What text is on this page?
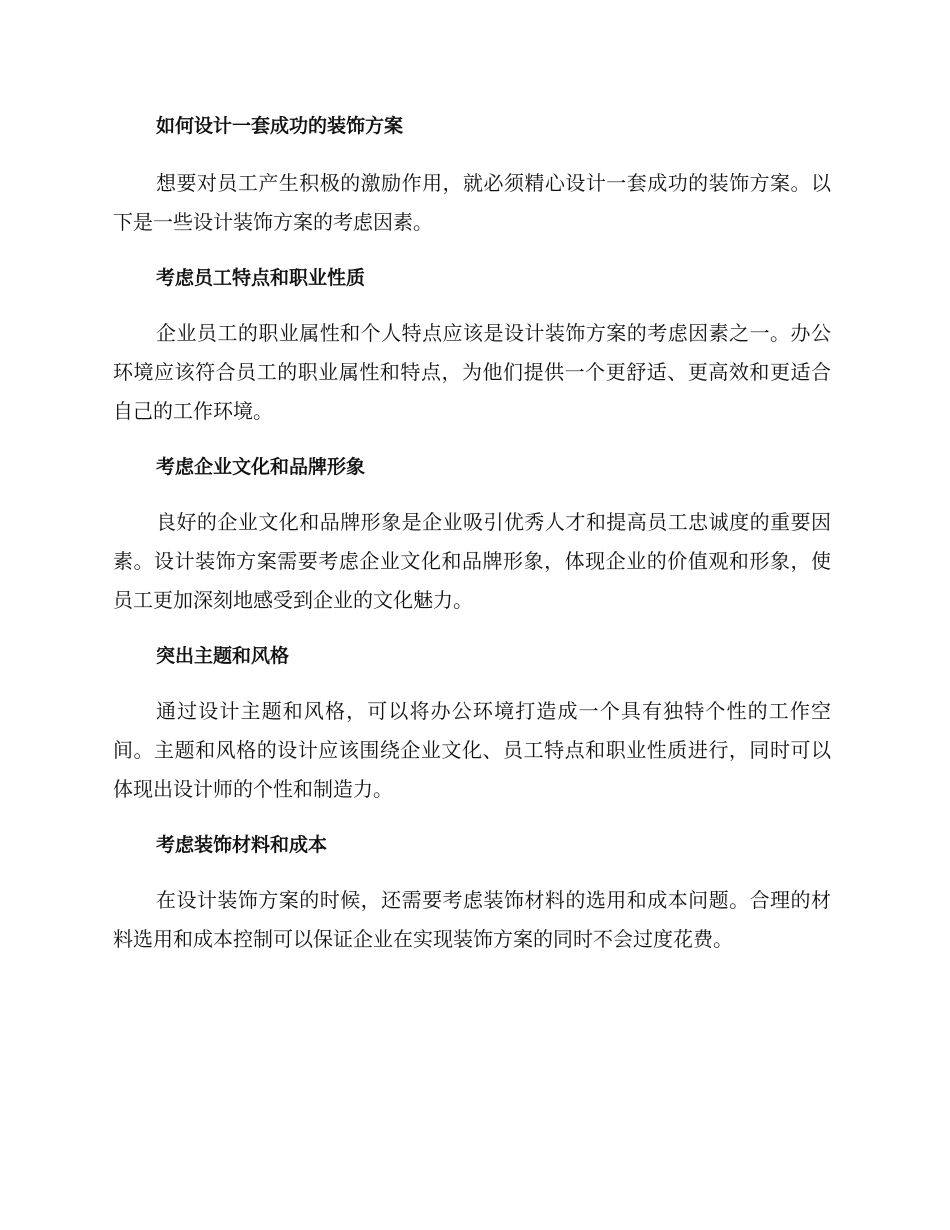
如何设计一套成功的装饰方案

想要对员工产生积极的激励作用，就必须精心设计一套成功的装饰方案。以下是一些设计装饰方案的考虑因素。

考虑员工特点和职业性质

企业员工的职业属性和个人特点应该是设计装饰方案的考虑因素之一。办公环境应该符合员工的职业属性和特点，为他们提供一个更舒适、更高效和更适合自己的工作环境。

考虑企业文化和品牌形象

良好的企业文化和品牌形象是企业吸引优秀人才和提高员工忠诚度的重要因素。设计装饰方案需要考虑企业文化和品牌形象，体现企业的价值观和形象，使员工更加深刻地感受到企业的文化魅力。

突出主题和风格

通过设计主题和风格，可以将办公环境打造成一个具有独特个性的工作空间。主题和风格的设计应该围绕企业文化、员工特点和职业性质进行，同时可以体现出设计师的个性和制造力。

考虑装饰材料和成本

在设计装饰方案的时候，还需要考虑装饰材料的选用和成本问题。合理的材料选用和成本控制可以保证企业在实现装饰方案的同时不会过度花费。
